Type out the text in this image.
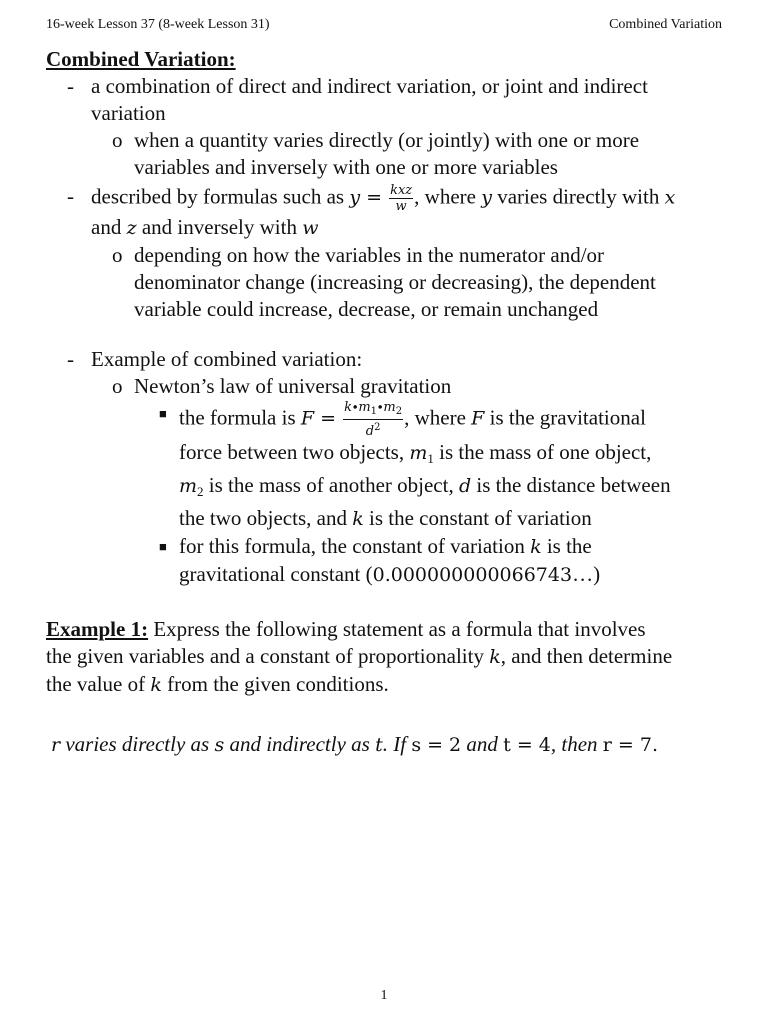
16-week Lesson 37 (8-week Lesson 31)	Combined Variation
Combined Variation:
- a combination of direct and indirect variation, or joint and indirect
variation
o when a quantity varies directly (or jointly) with one or more
variables and inversely with one or more variables
- described by formulas such as $y = \frac{\text{kxz}}{w}$ , where y varies directly with x
and z and inversely with w
o depending on how the variables in the numerator and/or
denominator change (increasing or decreasing), the dependent
variable could increase, decrease, or remain unchanged
- Example of combined variation:
o Newton’s law of universal gravitation
■ the formula is $F = \frac{k\cdot m_1\cdot m_2}{d^2}$ , where F is the gravitational
force between two objects, $m_1$ is the mass of one object,
$m_2$ is the mass of another object, d is the distance between
the two objects, and k is the constant of variation
■ for this formula, the constant of variation k is the
gravitational constant (0.000000000066743…)
Example 1: Express the following statement as a formula that involves
the given variables and a constant of proportionality k, and then determine
the value of k from the given conditions.
r varies directly as s and indirectly as t. If s = 2 and t = 4, then r = 7.
1
